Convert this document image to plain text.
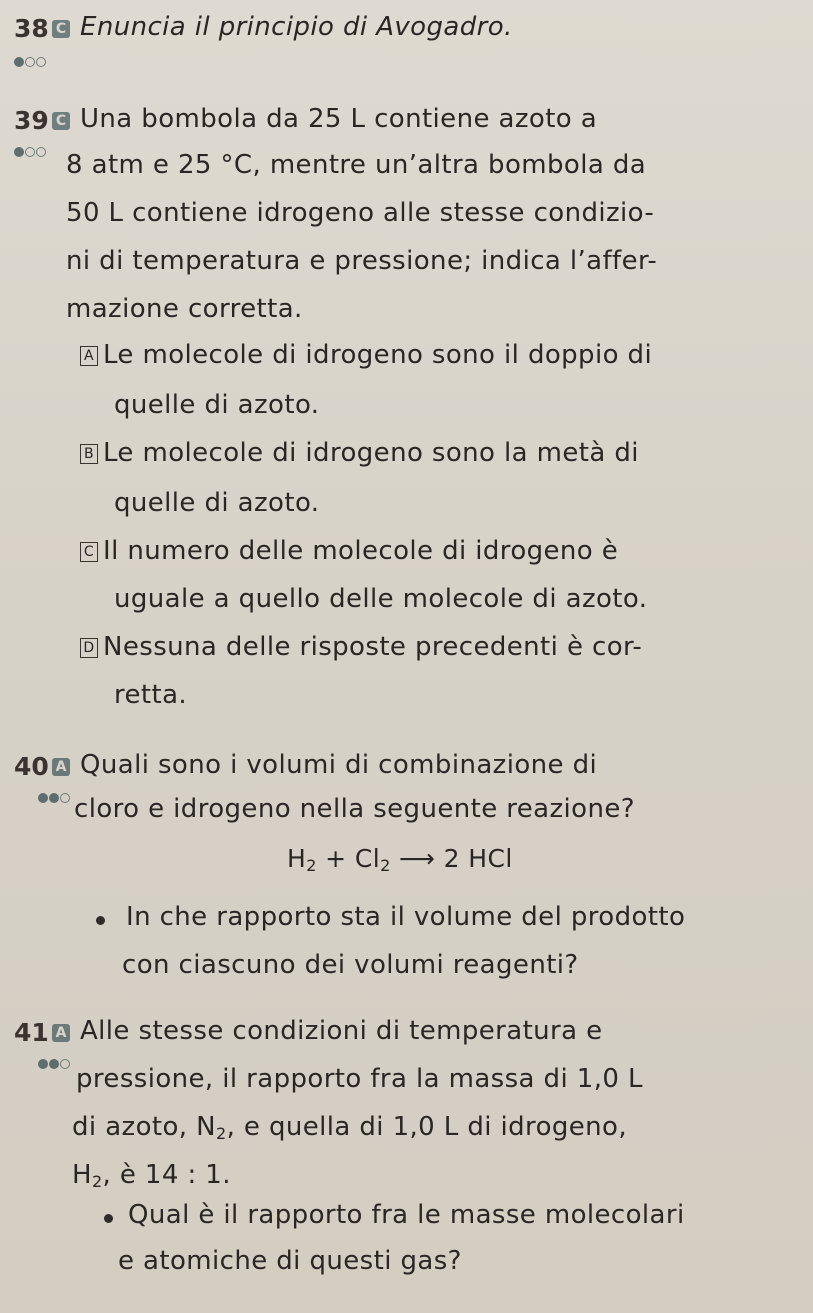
38 C Enuncia il principio di Avogadro.
39 C Una bombola da 25 L contiene azoto a
8 atm e 25 °C, mentre un’altra bombola da
50 L contiene idrogeno alle stesse condizio-
ni di temperatura e pressione; indica l’affer-
mazione corretta.
A Le molecole di idrogeno sono il doppio di
quelle di azoto.
B Le molecole di idrogeno sono la metà di
quelle di azoto.
C Il numero delle molecole di idrogeno è
uguale a quello delle molecole di azoto.
D Nessuna delle risposte precedenti è cor-
retta.
40 A Quali sono i volumi di combinazione di
cloro e idrogeno nella seguente reazione?
$H_2 + Cl_2$ ⟶ 2 HCl
In che rapporto sta il volume del prodotto
con ciascuno dei volumi reagenti?
41 A Alle stesse condizioni di temperatura e
pressione, il rapporto fra la massa di 1,0 L
di azoto, $N_2$, e quella di 1,0 L di idrogeno,
$H_2$, è 14 : 1.
Qual è il rapporto fra le masse molecolari
e atomiche di questi gas?
